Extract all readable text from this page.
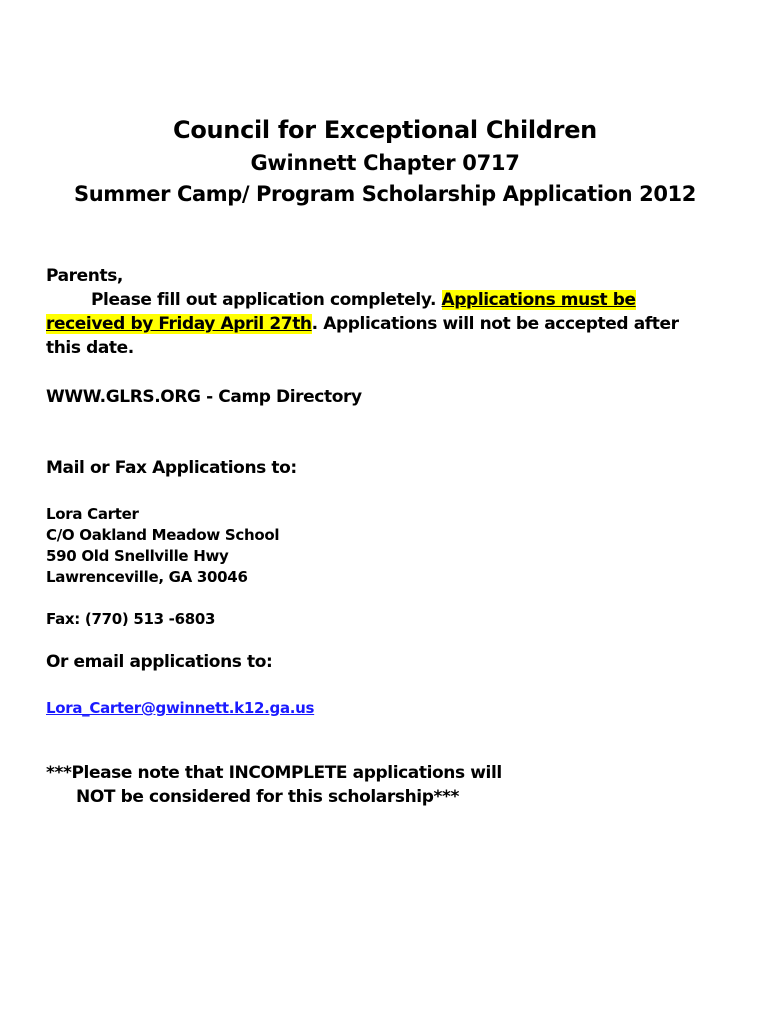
Council for Exceptional Children
Gwinnett Chapter 0717
Summer Camp/ Program Scholarship Application 2012
Parents,
Please fill out application completely. Applications must be
received by Friday April 27th. Applications will not be accepted after
this date.
WWW.GLRS.ORG - Camp Directory
Mail or Fax Applications to:
Lora Carter
C/O Oakland Meadow School
590 Old Snellville Hwy
Lawrenceville, GA 30046
Fax: (770) 513 -6803
Or email applications to:
Lora_Carter@gwinnett.k12.ga.us
***Please note that INCOMPLETE applications will
NOT be considered for this scholarship***
